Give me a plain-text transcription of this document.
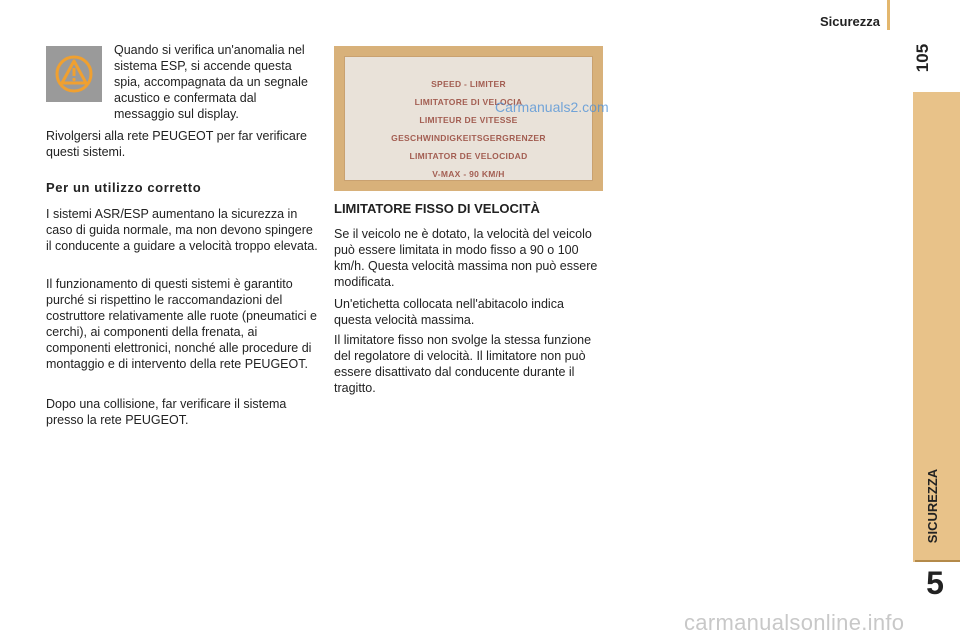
Sicurezza
105
SICUREZZA
5

Quando si verifica un'anomalia nel sistema ESP, si accende questa spia, accompagnata da un segnale acustico e confermata dal messaggio sul display.

Rivolgersi alla rete PEUGEOT per far verificare questi sistemi.

Per un utilizzo corretto

I sistemi ASR/ESP aumentano la sicurezza in caso di guida normale, ma non devono spingere il conducente a guidare a velocità troppo elevata.

Il funzionamento di questi sistemi è garantito purché si rispettino le raccomandazioni del costruttore relativamente alle ruote (pneumatici e cerchi), ai componenti della frenata, ai componenti elettronici, nonché alle procedure di montaggio e di intervento della rete PEUGEOT.

Dopo una collisione, far verificare il sistema presso la rete PEUGEOT.

SPEED - LIMITER
LIMITATORE DI VELOCIA
LIMITEUR DE VITESSE
GESCHWINDIGKEITSGERGRENZER
LIMITATOR DE VELOCIDAD
V-MAX - 90 KM/H
Carmanuals2.com
LIMITATORE FISSO DI VELOCITÀ

Se il veicolo ne è dotato, la velocità del veicolo può essere limitata in modo fisso a 90 o 100 km/h. Questa velocità massima non può essere modificata.

Un'etichetta collocata nell'abitacolo indica questa velocità massima.

Il limitatore fisso non svolge la stessa funzione del regolatore di velocità. Il limitatore non può essere disattivato dal conducente durante il tragitto.

carmanualsonline.info
